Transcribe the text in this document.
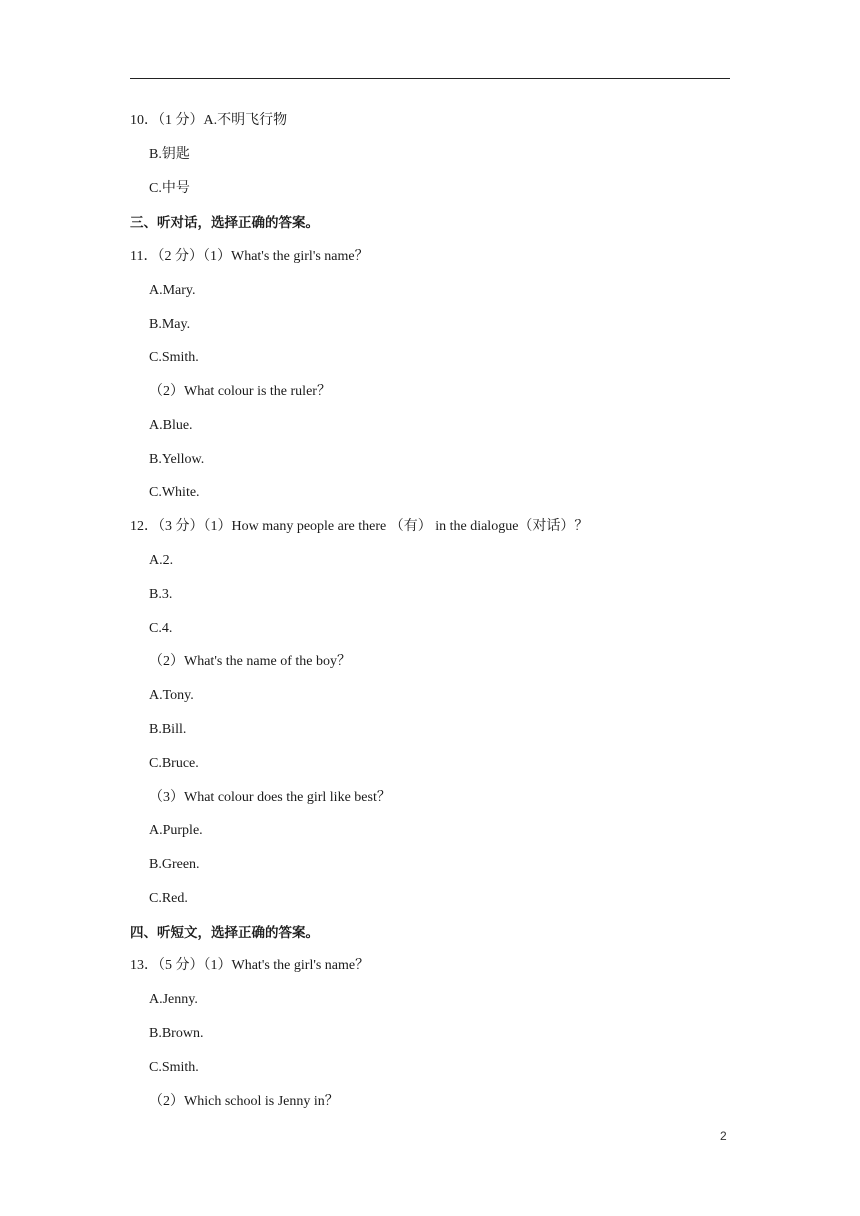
10．（1 分）A.不明飞行物
B.钥匙
C.中号
三、听对话，选择正确的答案。
11．（2 分）（1）What's the girl's name？
A.Mary.
B.May.
C.Smith.
（2）What colour is the ruler？
A.Blue.
B.Yellow.
C.White.
12．（3 分）（1）How many people are there （有） in the dialogue（对话）？
A.2.
B.3.
C.4.
（2）What's the name of the boy？
A.Tony.
B.Bill.
C.Bruce.
（3）What colour does the girl like best？
A.Purple.
B.Green.
C.Red.
四、听短文，选择正确的答案。
13．（5 分）（1）What's the girl's name？
A.Jenny.
B.Brown.
C.Smith.
（2）Which school is Jenny in？
2
